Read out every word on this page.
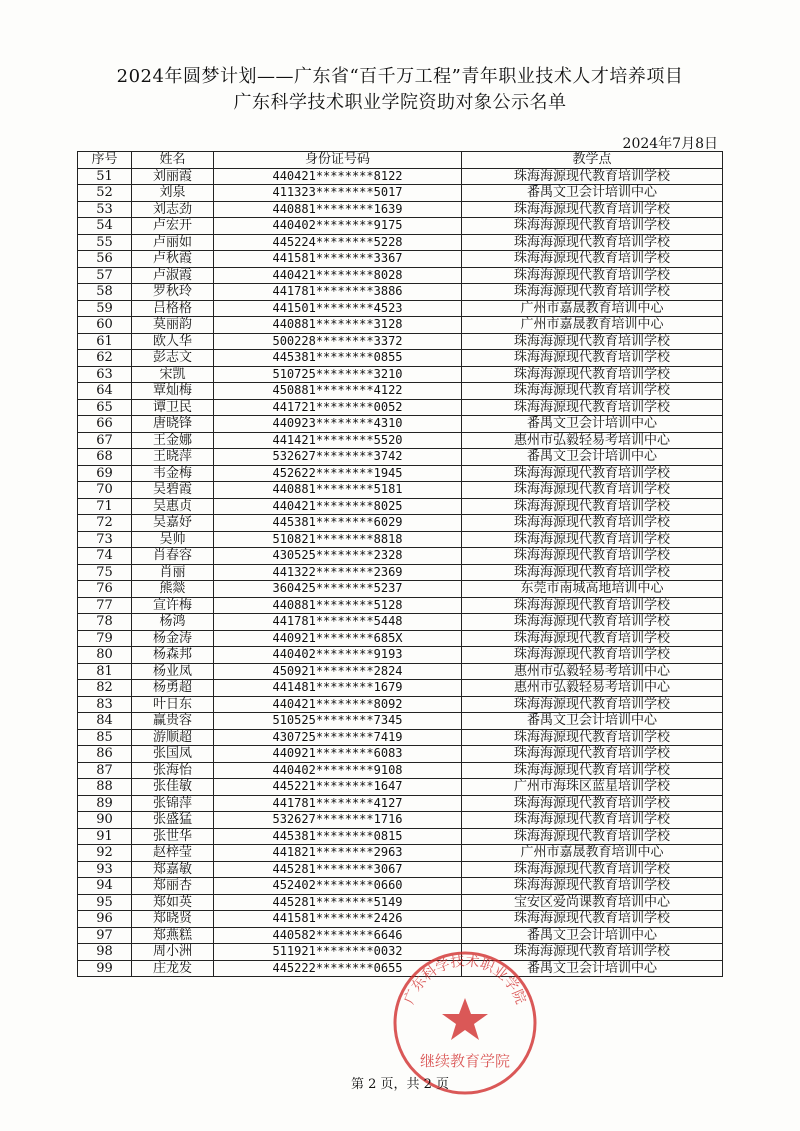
2024年圆梦计划——广东省“百千万工程”青年职业技术人才培养项目
广东科学技术职业学院资助对象公示名单
2024年7月8日
序号	姓名	身份证号码	教学点
51	刘丽霞	440421********8122	珠海海源现代教育培训学校
52	刘泉	411323********5017	番禺文卫会计培训中心
53	刘志劲	440881********1639	珠海海源现代教育培训学校
54	卢宏开	440402********9175	珠海海源现代教育培训学校
55	卢丽如	445224********5228	珠海海源现代教育培训学校
56	卢秋霞	441581********3367	珠海海源现代教育培训学校
57	卢淑霞	440421********8028	珠海海源现代教育培训学校
58	罗秋玲	441781********3886	珠海海源现代教育培训学校
59	吕格格	441501********4523	广州市嘉晟教育培训中心
60	莫丽韵	440881********3128	广州市嘉晟教育培训中心
61	欧人华	500228********3372	珠海海源现代教育培训学校
62	彭志文	445381********0855	珠海海源现代教育培训学校
63	宋凯	510725********3210	珠海海源现代教育培训学校
64	覃灿梅	450881********4122	珠海海源现代教育培训学校
65	谭卫民	441721********0052	珠海海源现代教育培训学校
66	唐晓锋	440923********4310	番禺文卫会计培训中心
67	王金娜	441421********5520	惠州市弘毅轻易考培训中心
68	王晓萍	532627********3742	番禺文卫会计培训中心
69	韦金梅	452622********1945	珠海海源现代教育培训学校
70	吴碧霞	440881********5181	珠海海源现代教育培训学校
71	吴惠贞	440421********8025	珠海海源现代教育培训学校
72	吴嘉妤	445381********6029	珠海海源现代教育培训学校
73	吴帅	510821********8818	珠海海源现代教育培训学校
74	肖春容	430525********2328	珠海海源现代教育培训学校
75	肖丽	441322********2369	珠海海源现代教育培训学校
76	熊燚	360425********5237	东莞市南城高地培训中心
77	宣许梅	440881********5128	珠海海源现代教育培训学校
78	杨鸿	441781********5448	珠海海源现代教育培训学校
79	杨金涛	440921********685X	珠海海源现代教育培训学校
80	杨森邦	440402********9193	珠海海源现代教育培训学校
81	杨业凤	450921********2824	惠州市弘毅轻易考培训中心
82	杨勇超	441481********1679	惠州市弘毅轻易考培训中心
83	叶日东	440421********8092	珠海海源现代教育培训学校
84	赢贵容	510525********7345	番禺文卫会计培训中心
85	游顺超	430725********7419	珠海海源现代教育培训学校
86	张国凤	440921********6083	珠海海源现代教育培训学校
87	张海怡	440402********9108	珠海海源现代教育培训学校
88	张佳敏	445221********1647	广州市海珠区蓝星培训学校
89	张锦萍	441781********4127	珠海海源现代教育培训学校
90	张盛猛	532627********1716	珠海海源现代教育培训学校
91	张世华	445381********0815	珠海海源现代教育培训学校
92	赵梓莹	441821********2963	广州市嘉晟教育培训中心
93	郑嘉敏	445281********3067	珠海海源现代教育培训学校
94	郑丽杏	452402********0660	珠海海源现代教育培训学校
95	郑如英	445281********5149	宝安区爱尚课教育培训中心
96	郑晓贤	441581********2426	珠海海源现代教育培训学校
97	郑燕糕	440582********6646	番禺文卫会计培训中心
98	周小洲	511921********0032	珠海海源现代教育培训学校
99	庄龙发	445222********0655	番禺文卫会计培训中心
广东科学技术职业学院
继续教育学院
第 2 页，共 2 页
